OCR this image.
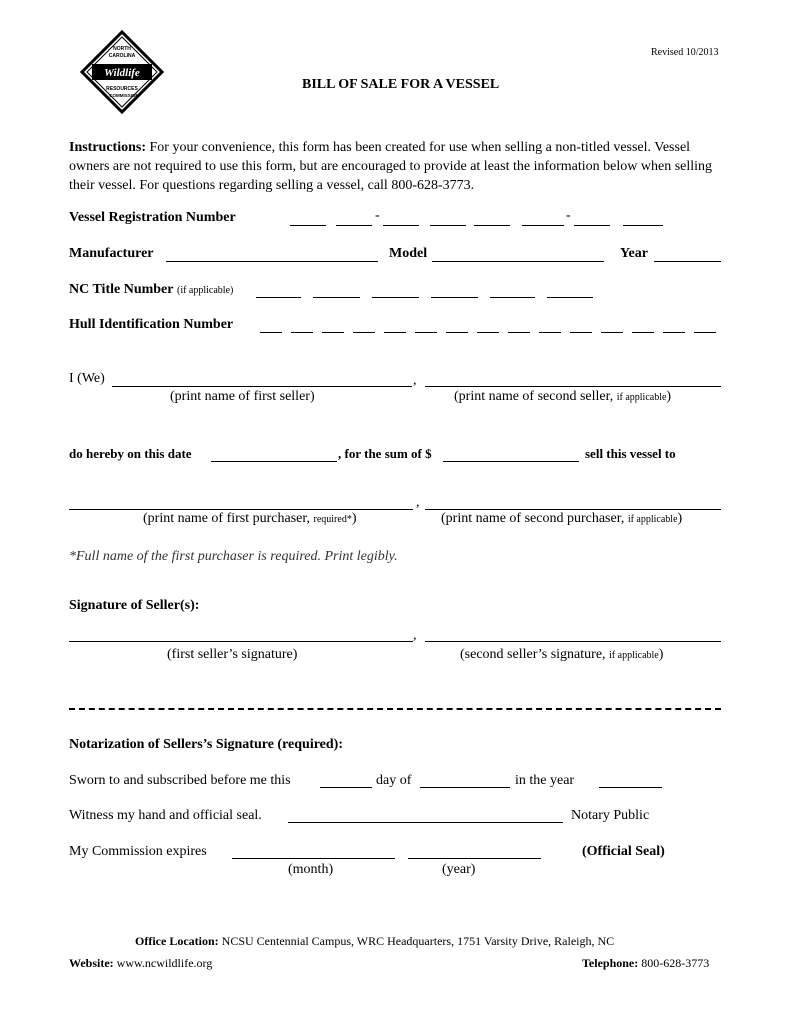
Revised 10/2013
NORTH
CAROLINA
Wildlife
RESOURCES
COMMISSION
BILL OF SALE FOR A VESSEL
Instructions: For your convenience, this form has been created for use when selling a non-titled vessel. Vessel owners are not required to use this form, but are encouraged to provide at least the information below when selling their vessel. For questions regarding selling a vessel, call 800-628-3773.
Vessel Registration Number	-	-
Manufacturer	Model	Year
NC Title Number (if applicable)
Hull Identification Number
I (We)	,
(print name of first seller)	(print name of second seller, if applicable)
do hereby on this date	, for the sum of $	sell this vessel to
,
(print name of first purchaser, required*)	(print name of second purchaser, if applicable)
*Full name of the first purchaser is required. Print legibly.
Signature of Seller(s):
,
(first seller’s signature)	(second seller’s signature, if applicable)
Notarization of Sellers’s Signature (required):
Sworn to and subscribed before me this	day of	in the year
Witness my hand and official seal.	Notary Public
My Commission expires	(Official Seal)
(month)	(year)
Office Location: NCSU Centennial Campus, WRC Headquarters, 1751 Varsity Drive, Raleigh, NC
Website: www.ncwildlife.org	Telephone: 800-628-3773
